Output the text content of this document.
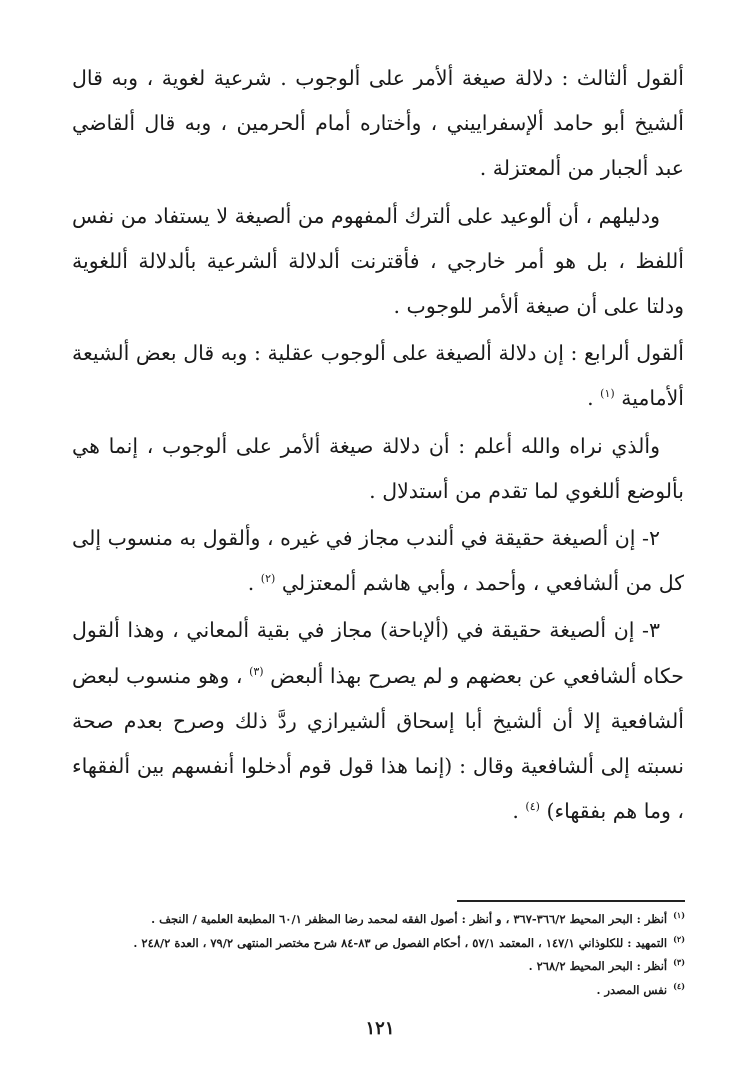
ألقول ألثالث : دلالة صيغة ألأمر على ألوجوب . شرعية لغوية ، وبه قال ألشيخ أبو حامد ألإسفراييني ، وأختاره أمام ألحرمين ، وبه قال ألقاضي عبد ألجبار من ألمعتزلة .

ودليلهم ، أن ألوعيد على ألترك ألمفهوم من ألصيغة لا يستفاد من نفس أللفظ ، بل هو أمر خارجي ، فأقترنت ألدلالة ألشرعية بألدلالة أللغوية ودلتا على أن صيغة ألأمر للوجوب .

ألقول ألرابع : إن دلالة ألصيغة على ألوجوب عقلية : وبه قال بعض ألشيعة ألأمامية $^{(١)}$ .

وألذي نراه والله أعلم : أن دلالة صيغة ألأمر على ألوجوب ، إنما هي بألوضع أللغوي لما تقدم من أستدلال .

٢- إن ألصيغة حقيقة في ألندب مجاز في غيره ، وألقول به منسوب إلى كل من ألشافعي ، وأحمد ، وأبي هاشم ألمعتزلي $^{(٢)}$ .

٣- إن ألصيغة حقيقة في (ألإباحة) مجاز في بقية ألمعاني ، وهذا ألقول حكاه ألشافعي عن بعضهم و لم يصرح بهذا ألبعض $^{(٣)}$ ، وهو منسوب لبعض ألشافعية إلا أن ألشيخ أبا إسحاق ألشيرازي ردَّ ذلك وصرح بعدم صحة نسبته إلى ألشافعية وقال : (إنما هذا قول قوم أدخلوا أنفسهم بين ألفقهاء ، وما هم بفقهاء) $^{(٤)}$ .

$^{(١)}$أنظر : البحر المحيط ٣٦٦/٢-٣٦٧ ، و أنظر : أصول الفقه لمحمد رضا المظفر ٦٠/١ المطبعة العلمية / النجف .

$^{(٢)}$التمهيد : للكلوذاني ١٤٧/١ ، المعتمد ٥٧/١ ، أحكام الفصول ص ٨٣-٨٤ شرح مختصر المنتهى ٧٩/٢ ، العدة ٢٤٨/٢ .

$^{(٣)}$أنظر : البحر المحيط ٢٦٨/٢ .

$^{(٤)}$نفس المصدر .

١٢١
